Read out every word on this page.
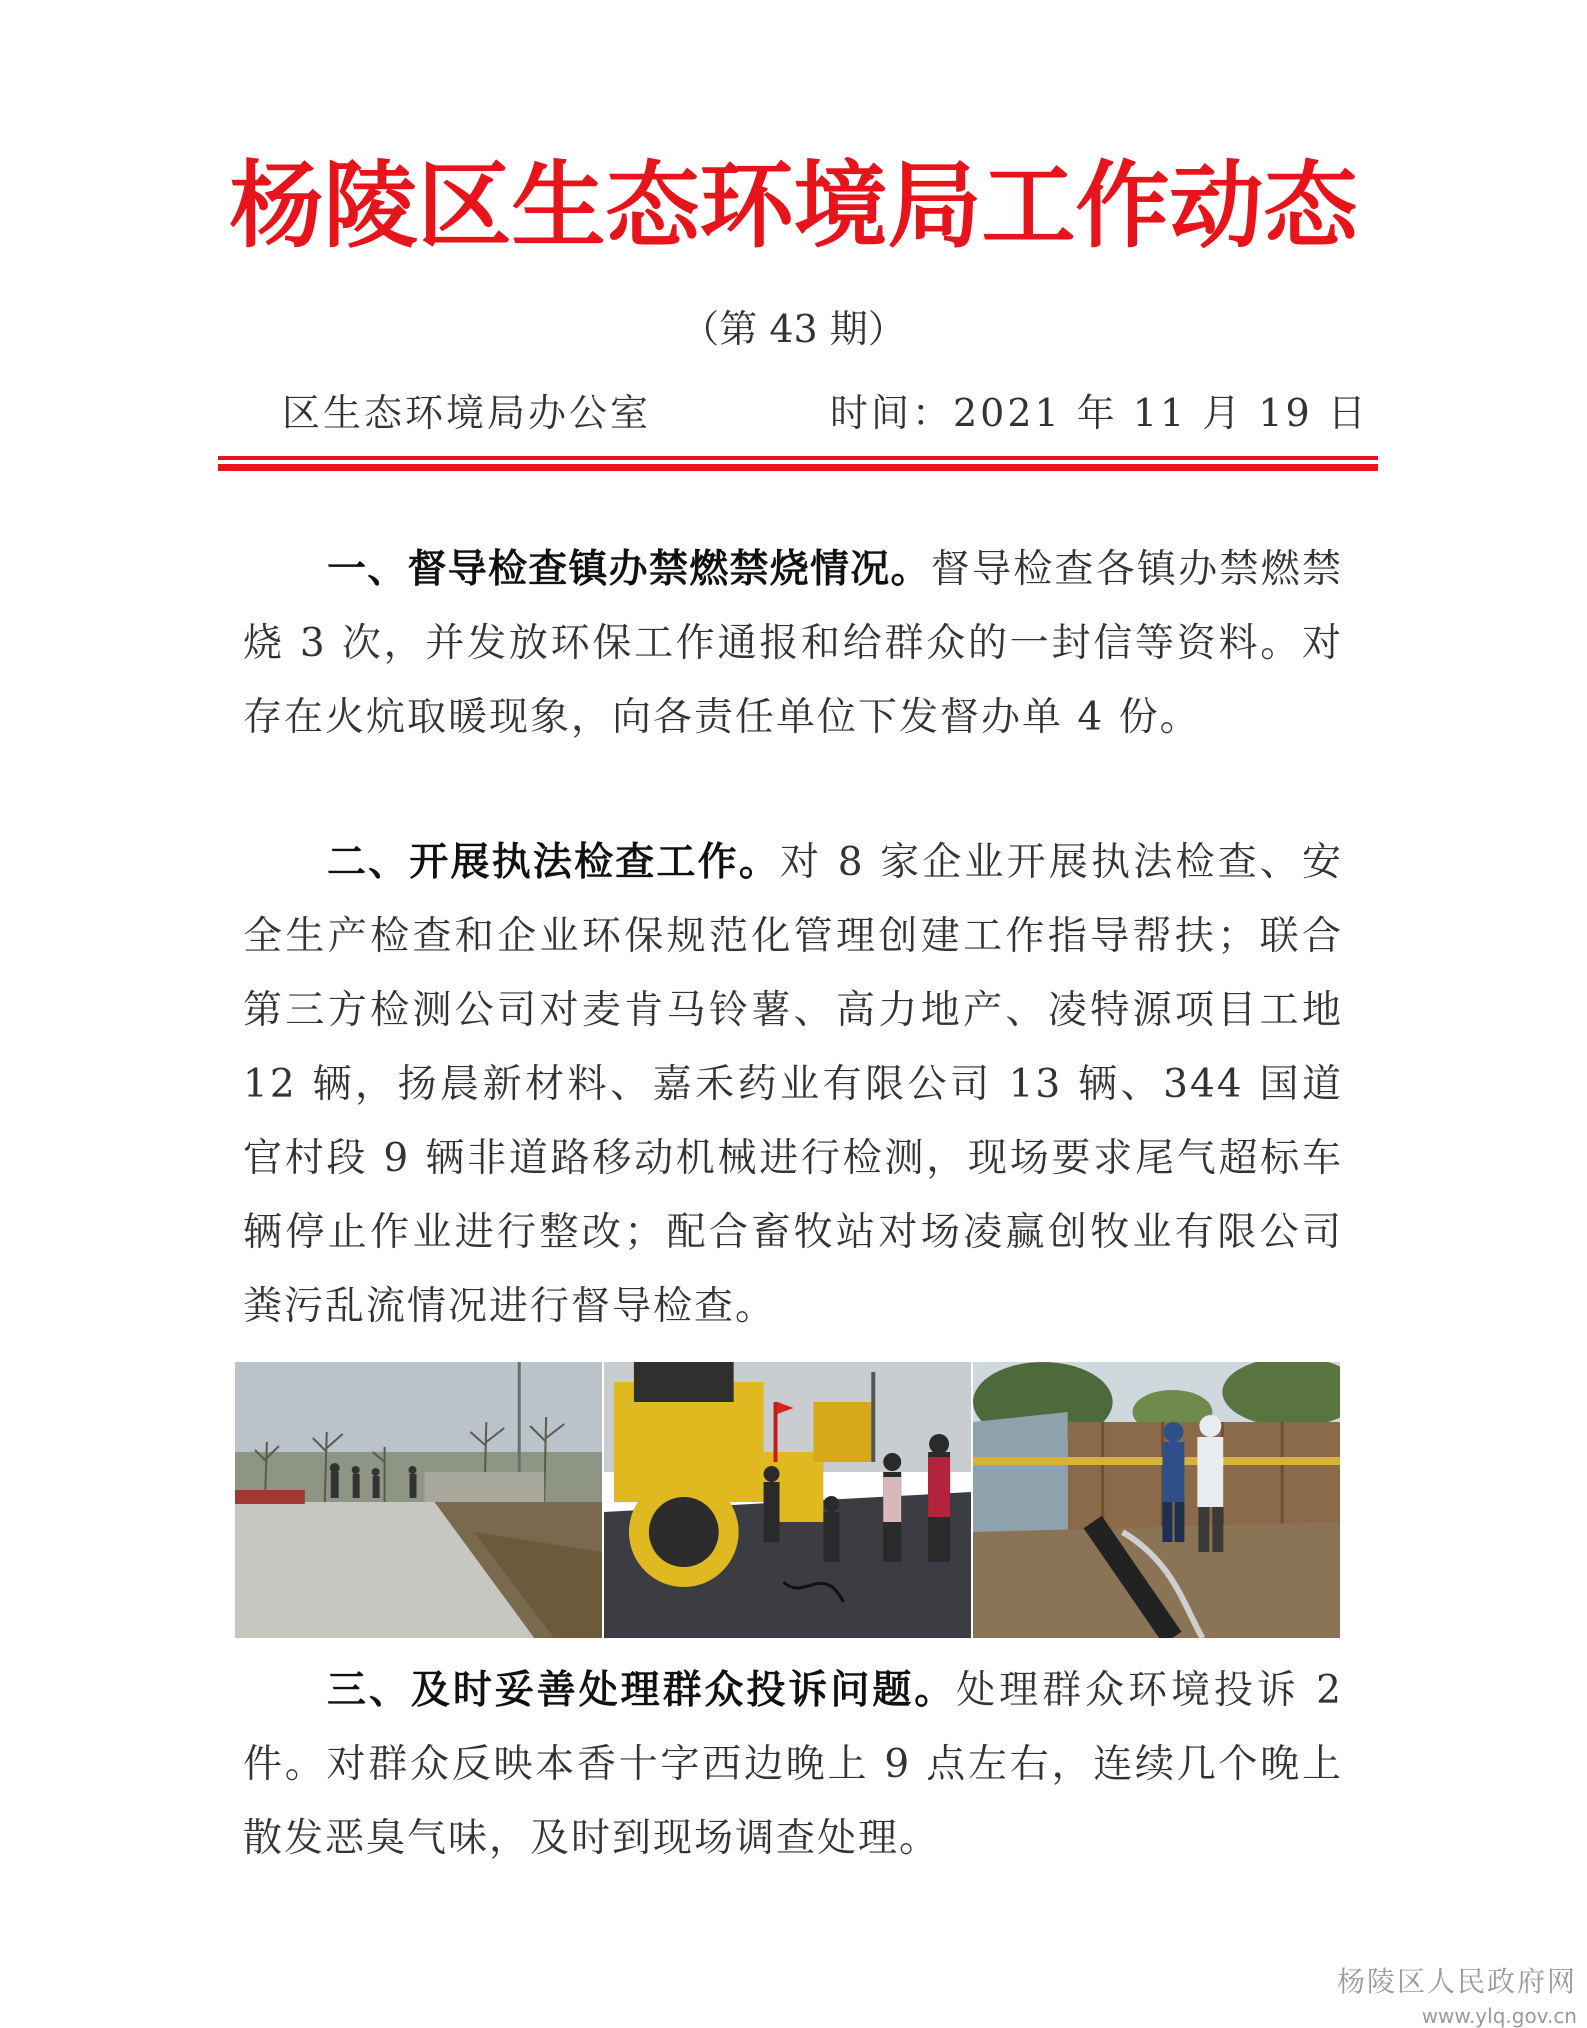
杨陵区生态环境局工作动态
（第 43 期）
区生态环境局办公室	时间：2021 年 11 月 19 日
一、督导检查镇办禁燃禁烧情况。督导检查各镇办禁燃禁烧 3 次，并发放环保工作通报和给群众的一封信等资料。对存在火炕取暖现象，向各责任单位下发督办单 4 份。
二、开展执法检查工作。对 8 家企业开展执法检查、安全生产检查和企业环保规范化管理创建工作指导帮扶；联合第三方检测公司对麦肯马铃薯、高力地产、凌特源项目工地 12 辆，扬晨新材料、嘉禾药业有限公司 13 辆、344 国道官村段 9 辆非道路移动机械进行检测，现场要求尾气超标车辆停止作业进行整改；配合畜牧站对场凌赢创牧业有限公司粪污乱流情况进行督导检查。
三、及时妥善处理群众投诉问题。处理群众环境投诉 2 件。对群众反映本香十字西边晚上 9 点左右，连续几个晚上散发恶臭气味，及时到现场调查处理。
杨陵区人民政府网
www.ylq.gov.cn
